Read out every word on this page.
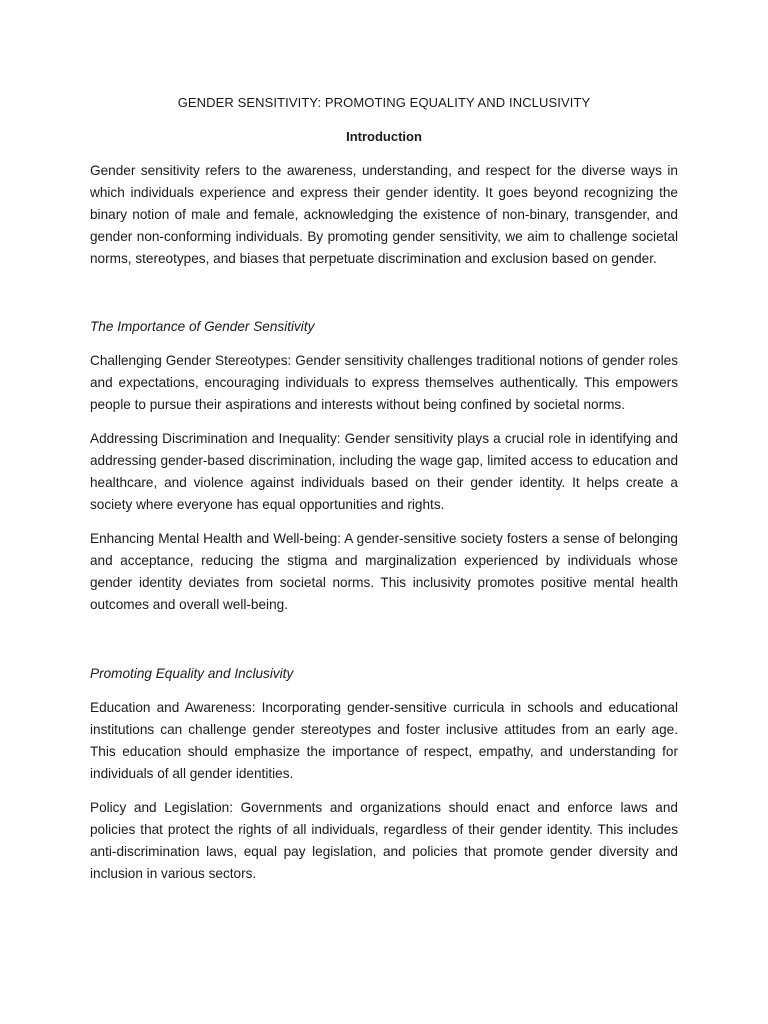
GENDER SENSITIVITY: PROMOTING EQUALITY AND INCLUSIVITY
Introduction

Gender sensitivity refers to the awareness, understanding, and respect for the diverse ways in which individuals experience and express their gender identity. It goes beyond recognizing the binary notion of male and female, acknowledging the existence of non-binary, transgender, and gender non-conforming individuals. By promoting gender sensitivity, we aim to challenge societal norms, stereotypes, and biases that perpetuate discrimination and exclusion based on gender.

The Importance of Gender Sensitivity

Challenging Gender Stereotypes: Gender sensitivity challenges traditional notions of gender roles and expectations, encouraging individuals to express themselves authentically. This empowers people to pursue their aspirations and interests without being confined by societal norms.

Addressing Discrimination and Inequality: Gender sensitivity plays a crucial role in identifying and addressing gender-based discrimination, including the wage gap, limited access to education and healthcare, and violence against individuals based on their gender identity. It helps create a society where everyone has equal opportunities and rights.

Enhancing Mental Health and Well-being: A gender-sensitive society fosters a sense of belonging and acceptance, reducing the stigma and marginalization experienced by individuals whose gender identity deviates from societal norms. This inclusivity promotes positive mental health outcomes and overall well-being.

Promoting Equality and Inclusivity

Education and Awareness: Incorporating gender-sensitive curricula in schools and educational institutions can challenge gender stereotypes and foster inclusive attitudes from an early age. This education should emphasize the importance of respect, empathy, and understanding for individuals of all gender identities.

Policy and Legislation: Governments and organizations should enact and enforce laws and policies that protect the rights of all individuals, regardless of their gender identity. This includes anti-discrimination laws, equal pay legislation, and policies that promote gender diversity and inclusion in various sectors.
